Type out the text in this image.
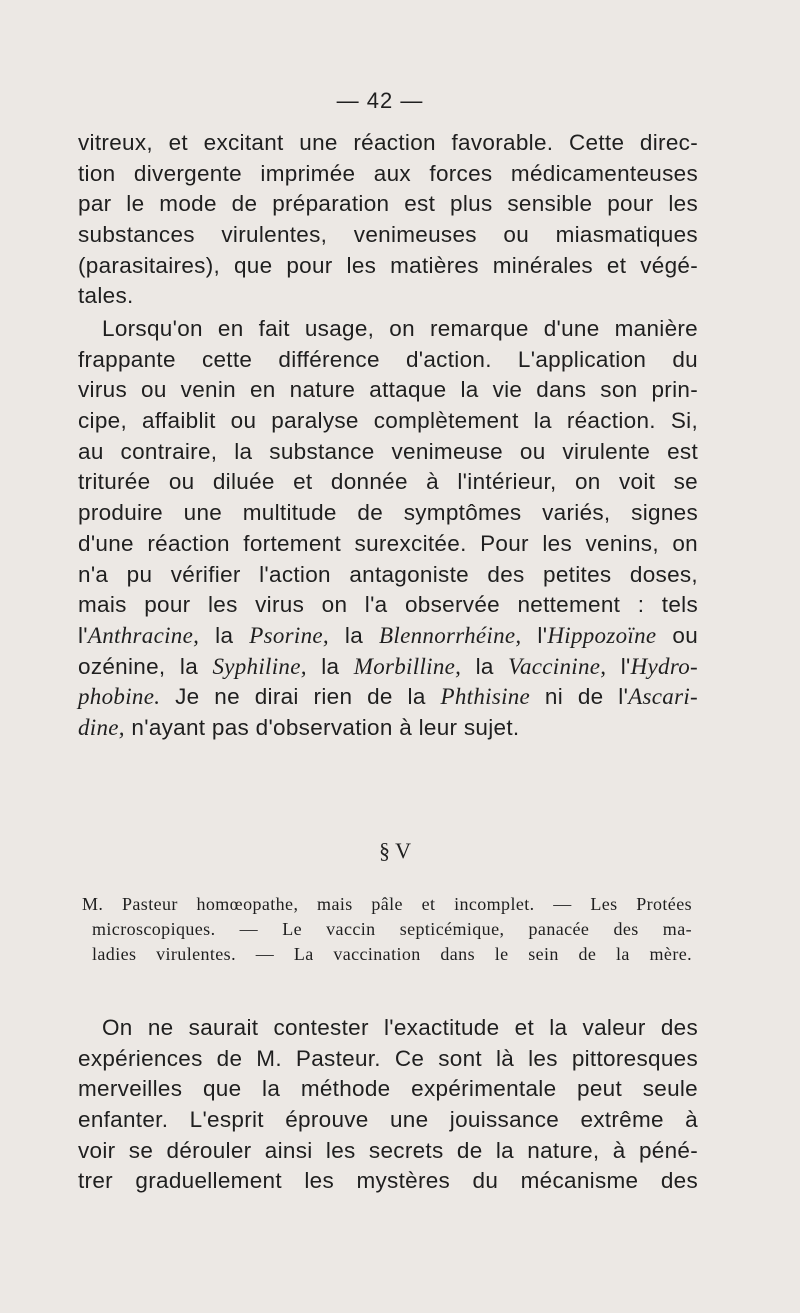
— 42 —
vitreux, et excitant une réaction favorable. Cette direc-
tion divergente imprimée aux forces médicamenteuses
par le mode de préparation est plus sensible pour les
substances virulentes, venimeuses ou miasmatiques
(parasitaires), que pour les matières minérales et végé-
tales.
Lorsqu'on en fait usage, on remarque d'une manière
frappante cette différence d'action. L'application du
virus ou venin en nature attaque la vie dans son prin-
cipe, affaiblit ou paralyse complètement la réaction. Si,
au contraire, la substance venimeuse ou virulente est
triturée ou diluée et donnée à l'intérieur, on voit se
produire une multitude de symptômes variés, signes
d'une réaction fortement surexcitée. Pour les venins, on
n'a pu vérifier l'action antagoniste des petites doses,
mais pour les virus on l'a observée nettement : tels
l'Anthracine, la Psorine, la Blennorrhéine, l'Hippozoïne ou
ozénine, la Syphiline, la Morbilline, la Vaccinine, l'Hydro-
phobine. Je ne dirai rien de la Phthisine ni de l'Ascari-
dine, n'ayant pas d'observation à leur sujet.
§ V
M. Pasteur homœopathe, mais pâle et incomplet. — Les Protées
microscopiques. — Le vaccin septicémique, panacée des ma-
ladies virulentes. — La vaccination dans le sein de la mère.
On ne saurait contester l'exactitude et la valeur des
expériences de M. Pasteur. Ce sont là les pittoresques
merveilles que la méthode expérimentale peut seule
enfanter. L'esprit éprouve une jouissance extrême à
voir se dérouler ainsi les secrets de la nature, à péné-
trer graduellement les mystères du mécanisme des
